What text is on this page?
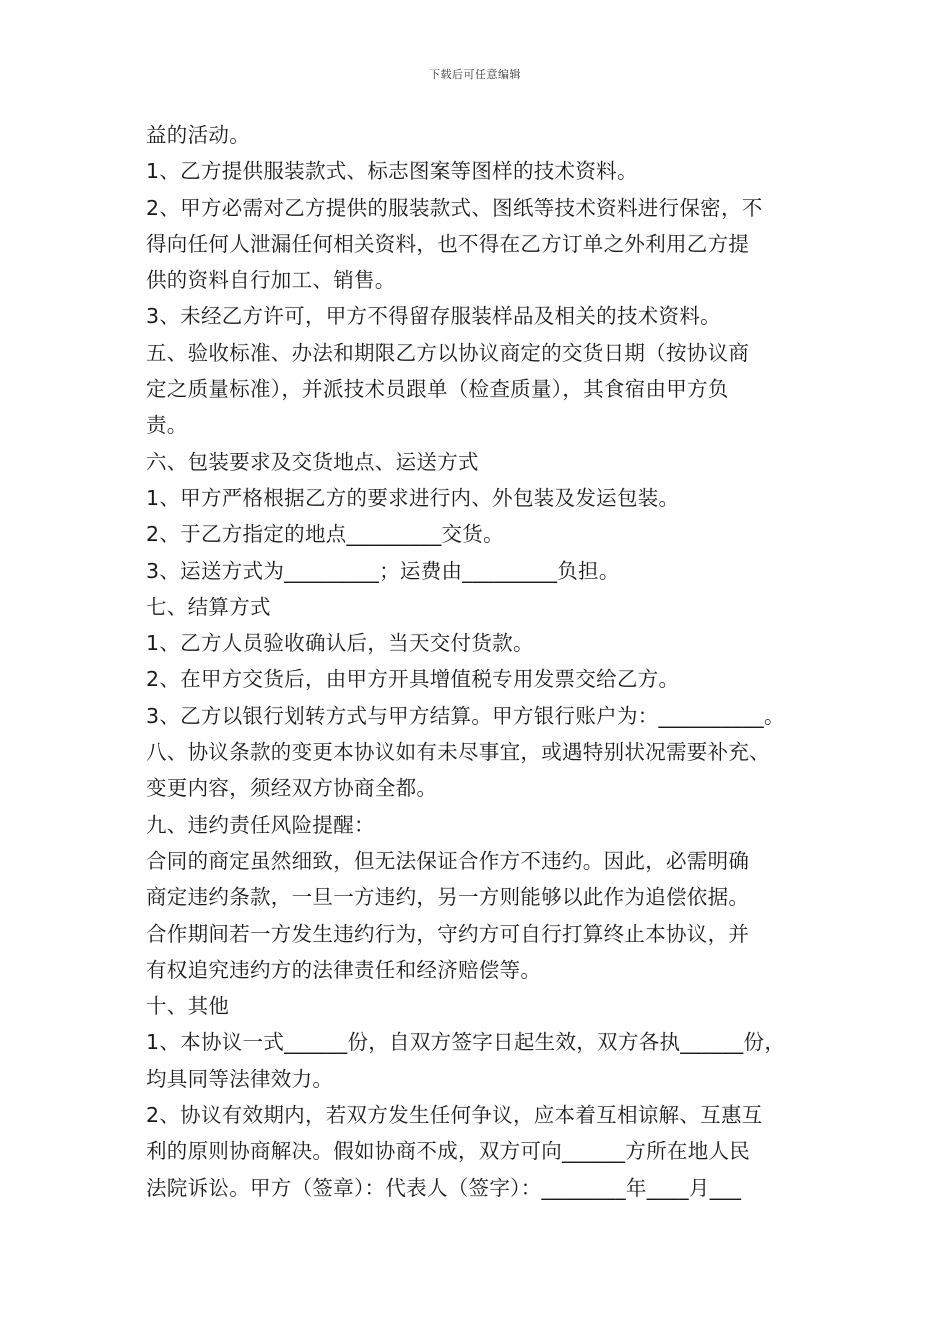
下载后可任意编辑
益的活动。
1、乙方提供服装款式、标志图案等图样的技术资料。
2、甲方必需对乙方提供的服装款式、图纸等技术资料进行保密，不
得向任何人泄漏任何相关资料，也不得在乙方订单之外利用乙方提
供的资料自行加工、销售。
3、未经乙方许可，甲方不得留存服装样品及相关的技术资料。
五、验收标准、办法和期限乙方以协议商定的交货日期（按协议商
定之质量标准），并派技术员跟单（检查质量），其食宿由甲方负
责。
六、包装要求及交货地点、运送方式
1、甲方严格根据乙方的要求进行内、外包装及发运包装。
2、于乙方指定的地点_________交货。
3、运送方式为_________；运费由_________负担。
七、结算方式
1、乙方人员验收确认后，当天交付货款。
2、在甲方交货后，由甲方开具增值税专用发票交给乙方。
3、乙方以银行划转方式与甲方结算。甲方银行账户为：__________。
八、协议条款的变更本协议如有未尽事宜，或遇特别状况需要补充、
变更内容，须经双方协商全都。
九、违约责任风险提醒：
合同的商定虽然细致，但无法保证合作方不违约。因此，必需明确
商定违约条款，一旦一方违约，另一方则能够以此作为追偿依据。
合作期间若一方发生违约行为，守约方可自行打算终止本协议，并
有权追究违约方的法律责任和经济赔偿等。
十、其他
1、本协议一式______份，自双方签字日起生效，双方各执______份，
均具同等法律效力。
2、协议有效期内，若双方发生任何争议，应本着互相谅解、互惠互
利的原则协商解决。假如协商不成，双方可向______方所在地人民
法院诉讼。甲方（签章）：代表人（签字）：________年____月___
